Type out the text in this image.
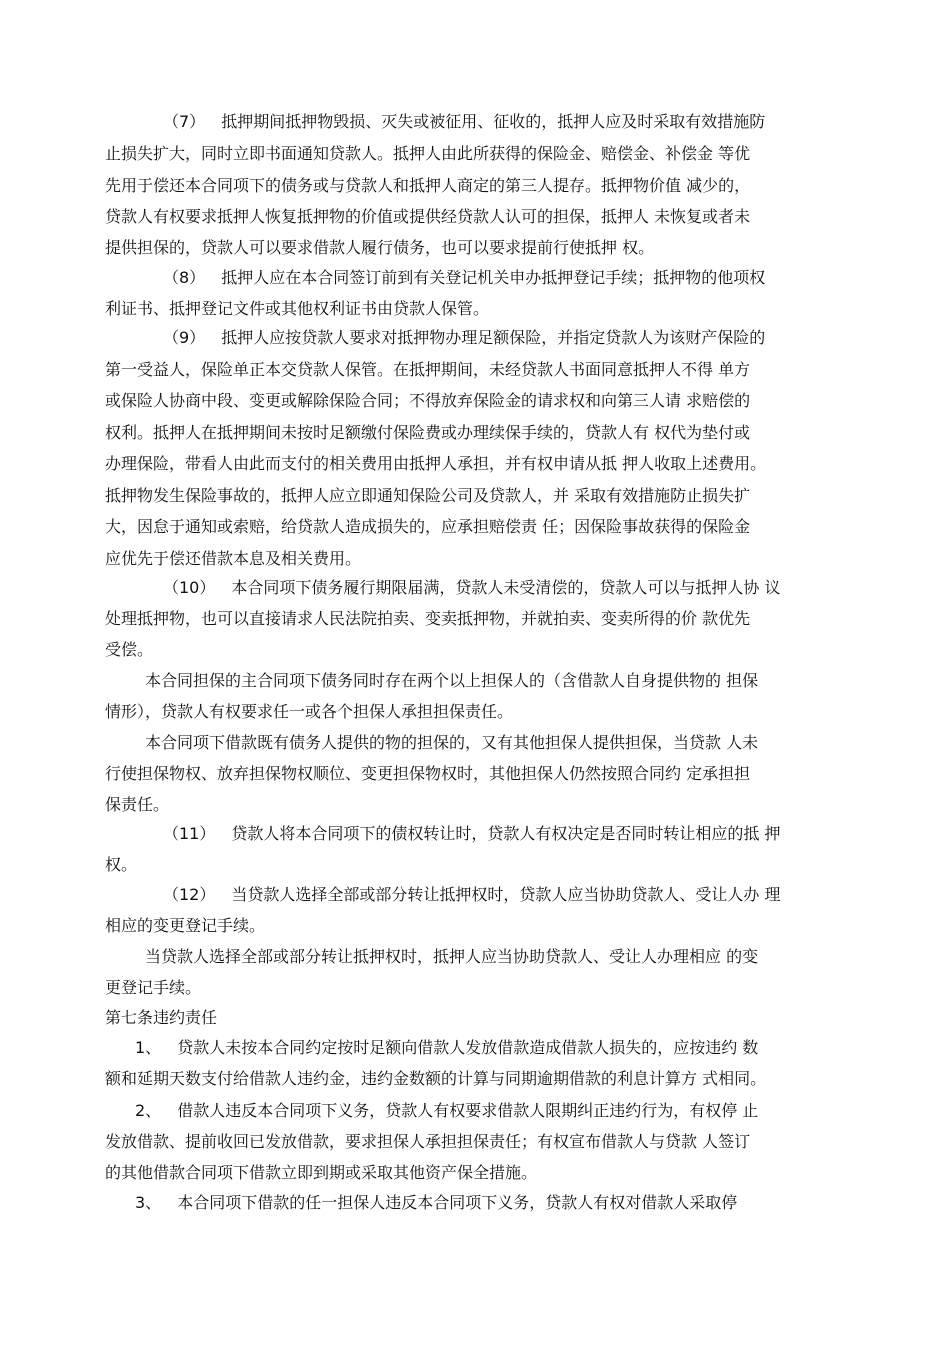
（7） 抵押期间抵押物毁损、灭失或被征用、征收的，抵押人应及时采取有效措施防
止损失扩大，同时立即书面通知贷款人。抵押人由此所获得的保险金、赔偿金、补偿金 等优
先用于偿还本合同项下的债务或与贷款人和抵押人商定的第三人提存。抵押物价值 减少的，
贷款人有权要求抵押人恢复抵押物的价值或提供经贷款人认可的担保，抵押人 未恢复或者未
提供担保的，贷款人可以要求借款人履行债务，也可以要求提前行使抵押 权。
（8） 抵押人应在本合同签订前到有关登记机关申办抵押登记手续；抵押物的他项权
利证书、抵押登记文件或其他权利证书由贷款人保管。
（9） 抵押人应按贷款人要求对抵押物办理足额保险，并指定贷款人为该财产保险的
第一受益人，保险单正本交贷款人保管。在抵押期间，未经贷款人书面同意抵押人不得 单方
或保险人协商中段、变更或解除保险合同；不得放弃保险金的请求权和向第三人请 求赔偿的
权利。抵押人在抵押期间未按时足额缴付保险费或办理续保手续的，贷款人有 权代为垫付或
办理保险，带看人由此而支付的相关费用由抵押人承担，并有权申请从抵 押人收取上述费用。
抵押物发生保险事故的，抵押人应立即通知保险公司及贷款人，并 采取有效措施防止损失扩
大，因怠于通知或索赔，给贷款人造成损失的，应承担赔偿责 任；因保险事故获得的保险金
应优先于偿还借款本息及相关费用。
（10） 本合同项下债务履行期限届满，贷款人未受清偿的，贷款人可以与抵押人协 议
处理抵押物，也可以直接请求人民法院拍卖、变卖抵押物，并就拍卖、变卖所得的价 款优先
受偿。
本合同担保的主合同项下债务同时存在两个以上担保人的（含借款人自身提供物的 担保
情形），贷款人有权要求任一或各个担保人承担担保责任。
本合同项下借款既有债务人提供的物的担保的，又有其他担保人提供担保，当贷款 人未
行使担保物权、放弃担保物权顺位、变更担保物权时，其他担保人仍然按照合同约 定承担担
保责任。
（11） 贷款人将本合同项下的债权转让时，贷款人有权决定是否同时转让相应的抵 押
权。
（12） 当贷款人选择全部或部分转让抵押权时，贷款人应当协助贷款人、受让人办 理
相应的变更登记手续。
当贷款人选择全部或部分转让抵押权时，抵押人应当协助贷款人、受让人办理相应 的变
更登记手续。
第七条违约责任
1、 贷款人未按本合同约定按时足额向借款人发放借款造成借款人损失的，应按违约 数
额和延期天数支付给借款人违约金，违约金数额的计算与同期逾期借款的利息计算方 式相同。
2、 借款人违反本合同项下义务，贷款人有权要求借款人限期纠正违约行为，有权停 止
发放借款、提前收回已发放借款，要求担保人承担担保责任；有权宣布借款人与贷款 人签订
的其他借款合同项下借款立即到期或采取其他资产保全措施。
3、 本合同项下借款的任一担保人违反本合同项下义务，贷款人有权对借款人采取停
